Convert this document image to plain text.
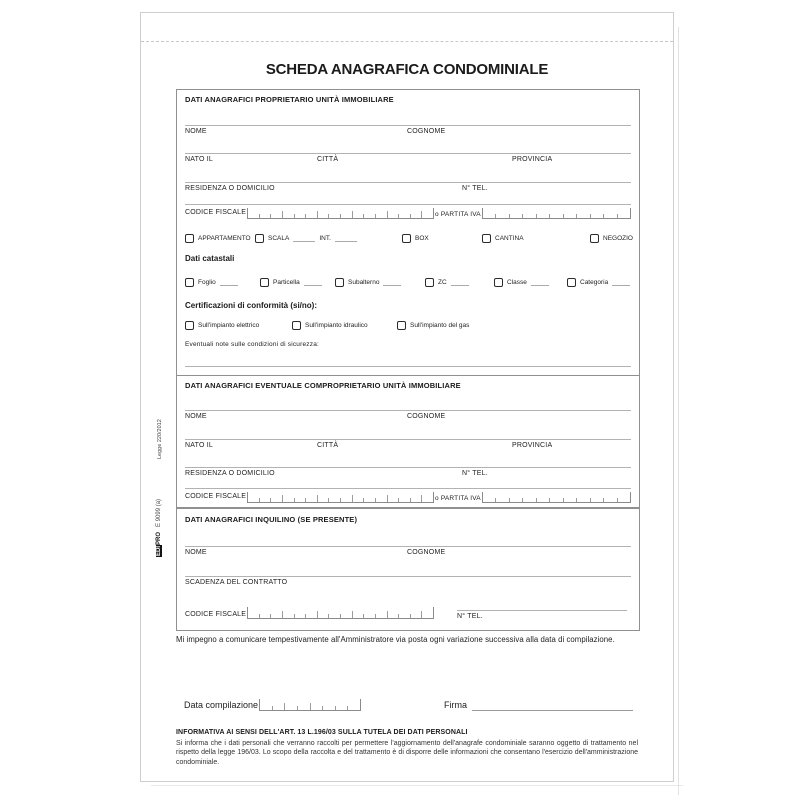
SCHEDA ANAGRAFICA CONDOMINIALE
Legge 220/2012
EDIPROE 9099 (a)
DATI ANAGRAFICI PROPRIETARIO UNITÀ IMMOBILIARE
NOME	COGNOME
NATO IL	CITTÀ	PROVINCIA
RESIDENZA O DOMICILIO	N° TEL.
CODICE FISCALE	o PARTITA IVA
APPARTAMENTO	SCALA	INT.	BOX	CANTINA	NEGOZIO
Dati catastali
Foglio	Particella	Subalterno	ZC	Classe	Categoria
Certificazioni di conformità (si/no):
Sull'impianto elettrico	Sull'impianto idraulico	Sull'impianto del gas
Eventuali note sulle condizioni di sicurezza:
DATI ANAGRAFICI EVENTUALE COMPROPRIETARIO UNITÀ IMMOBILIARE
NOME	COGNOME
NATO IL	CITTÀ	PROVINCIA
RESIDENZA O DOMICILIO	N° TEL.
CODICE FISCALE	o PARTITA IVA
DATI ANAGRAFICI INQUILINO (SE PRESENTE)
NOME	COGNOME
SCADENZA DEL CONTRATTO
CODICE FISCALE	N° TEL.
Mi impegno a comunicare tempestivamente all'Amministratore via posta ogni variazione successiva alla data di compilazione.
Data compilazione	Firma
INFORMATIVA AI SENSI DELL'ART. 13 L.196/03 SULLA TUTELA DEI DATI PERSONALI
Si informa che i dati personali che verranno raccolti per permettere l'aggiornamento dell'anagrafe condominiale saranno oggetto di trattamento nel rispetto della legge 196/03. Lo scopo della raccolta e del trattamento è di disporre delle informazioni che consentano l'esercizio dell'amministrazione condominiale.
